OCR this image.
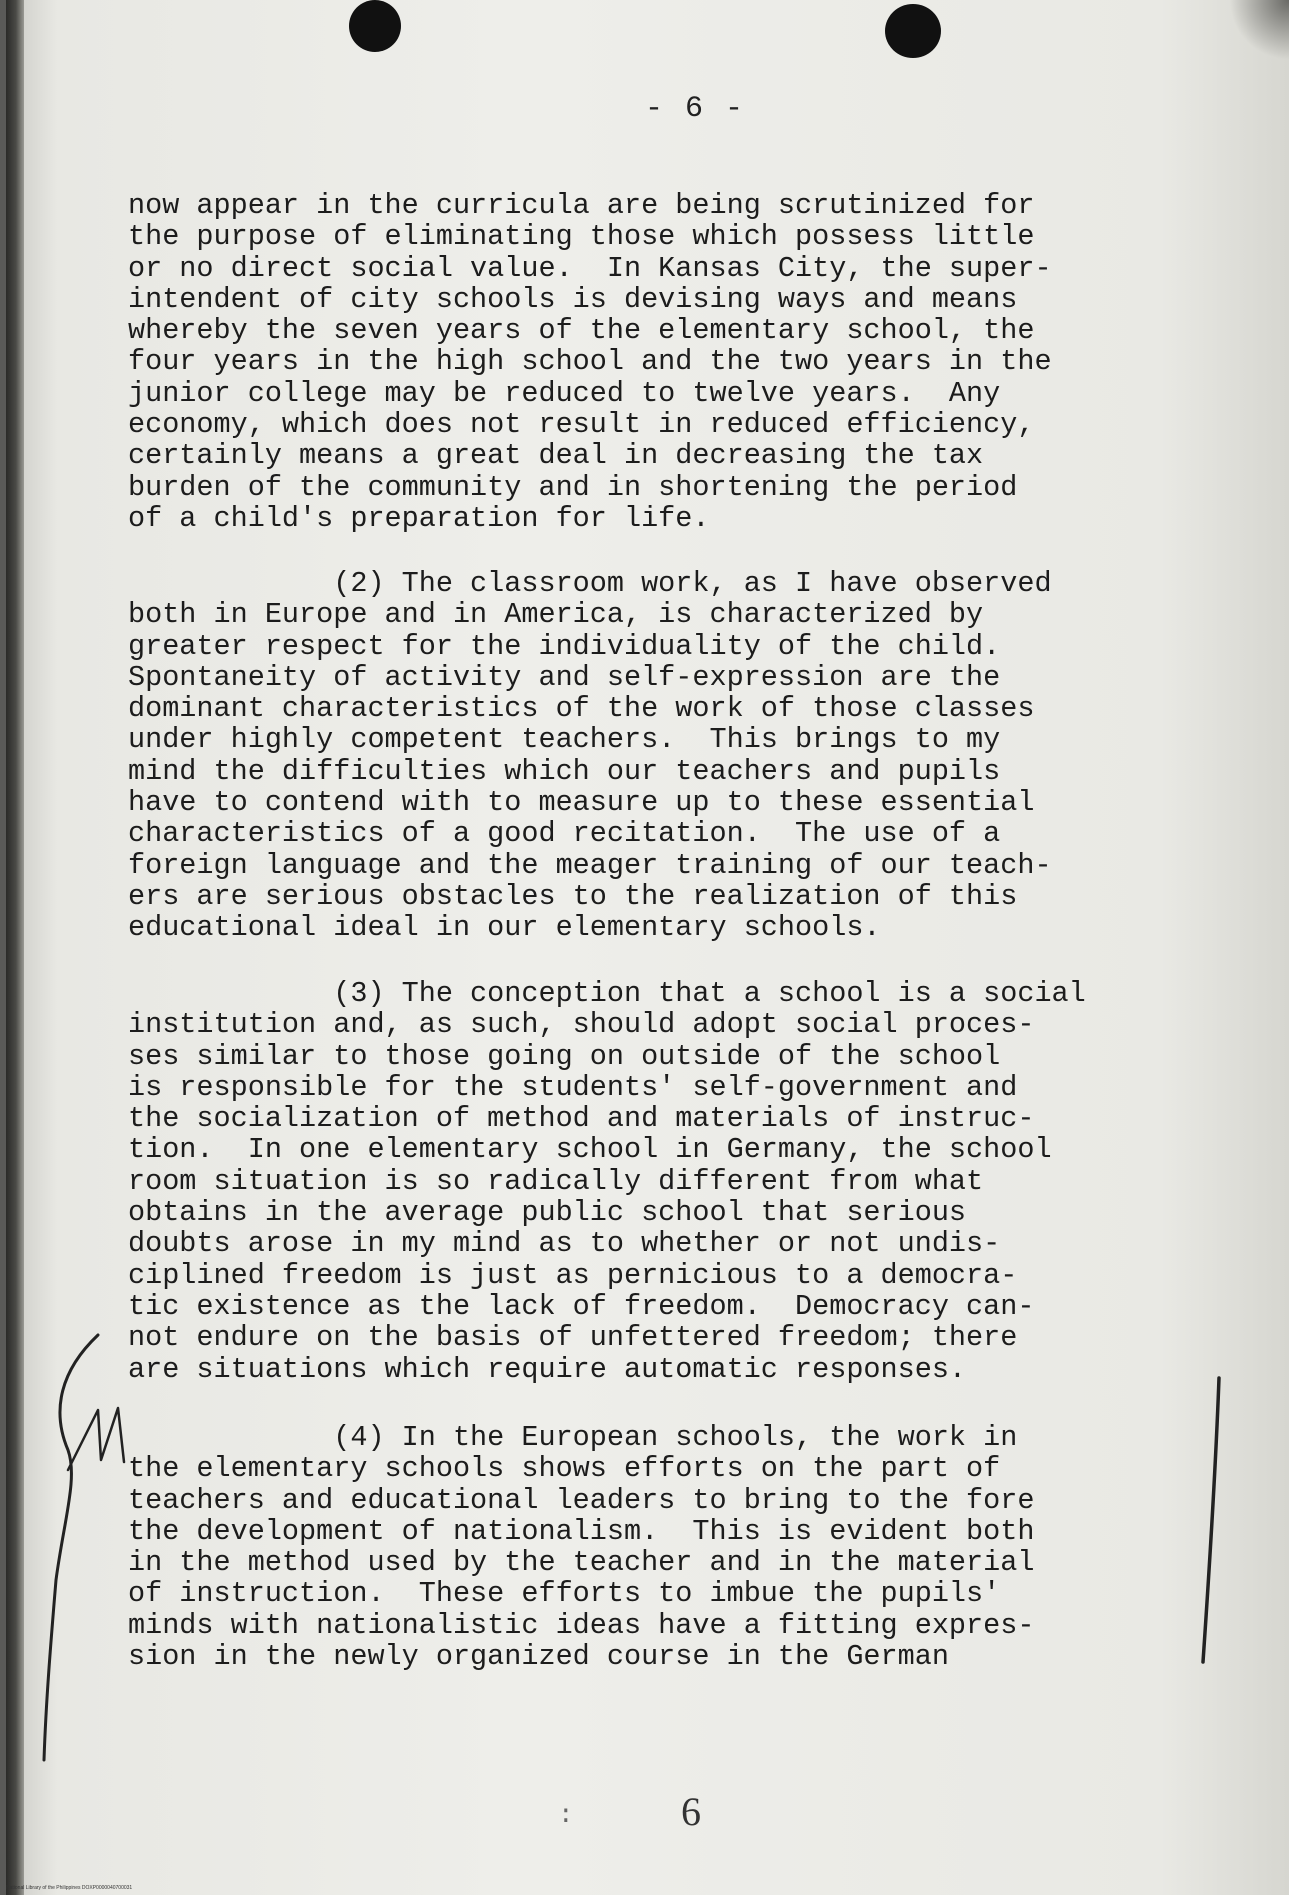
- 6 -

now appear in the curricula are being scrutinized for
the purpose of eliminating those which possess little
or no direct social value.  In Kansas City, the super-
intendent of city schools is devising ways and means
whereby the seven years of the elementary school, the
four years in the high school and the two years in the
junior college may be reduced to twelve years.  Any
economy, which does not result in reduced efficiency,
certainly means a great deal in decreasing the tax
burden of the community and in shortening the period
of a child's preparation for life.

(2) The classroom work, as I have observed
both in Europe and in America, is characterized by
greater respect for the individuality of the child.
Spontaneity of activity and self-expression are the
dominant characteristics of the work of those classes
under highly competent teachers.  This brings to my
mind the difficulties which our teachers and pupils
have to contend with to measure up to these essential
characteristics of a good recitation.  The use of a
foreign language and the meager training of our teach-
ers are serious obstacles to the realization of this
educational ideal in our elementary schools.

(3) The conception that a school is a social
institution and, as such, should adopt social proces-
ses similar to those going on outside of the school
is responsible for the students' self-government and
the socialization of method and materials of instruc-
tion.  In one elementary school in Germany, the school
room situation is so radically different from what
obtains in the average public school that serious
doubts arose in my mind as to whether or not undis-
ciplined freedom is just as pernicious to a democra-
tic existence as the lack of freedom.  Democracy can-
not endure on the basis of unfettered freedom; there
are situations which require automatic responses.

(4) In the European schools, the work in
the elementary schools shows efforts on the part of
teachers and educational leaders to bring to the fore
the development of nationalism.  This is evident both
in the method used by the teacher and in the material
of instruction.  These efforts to imbue the pupils'
minds with nationalistic ideas have a fitting expres-
sion in the newly organized course in the German

:	6
National Library of the Philippines DOXP0000040700031
